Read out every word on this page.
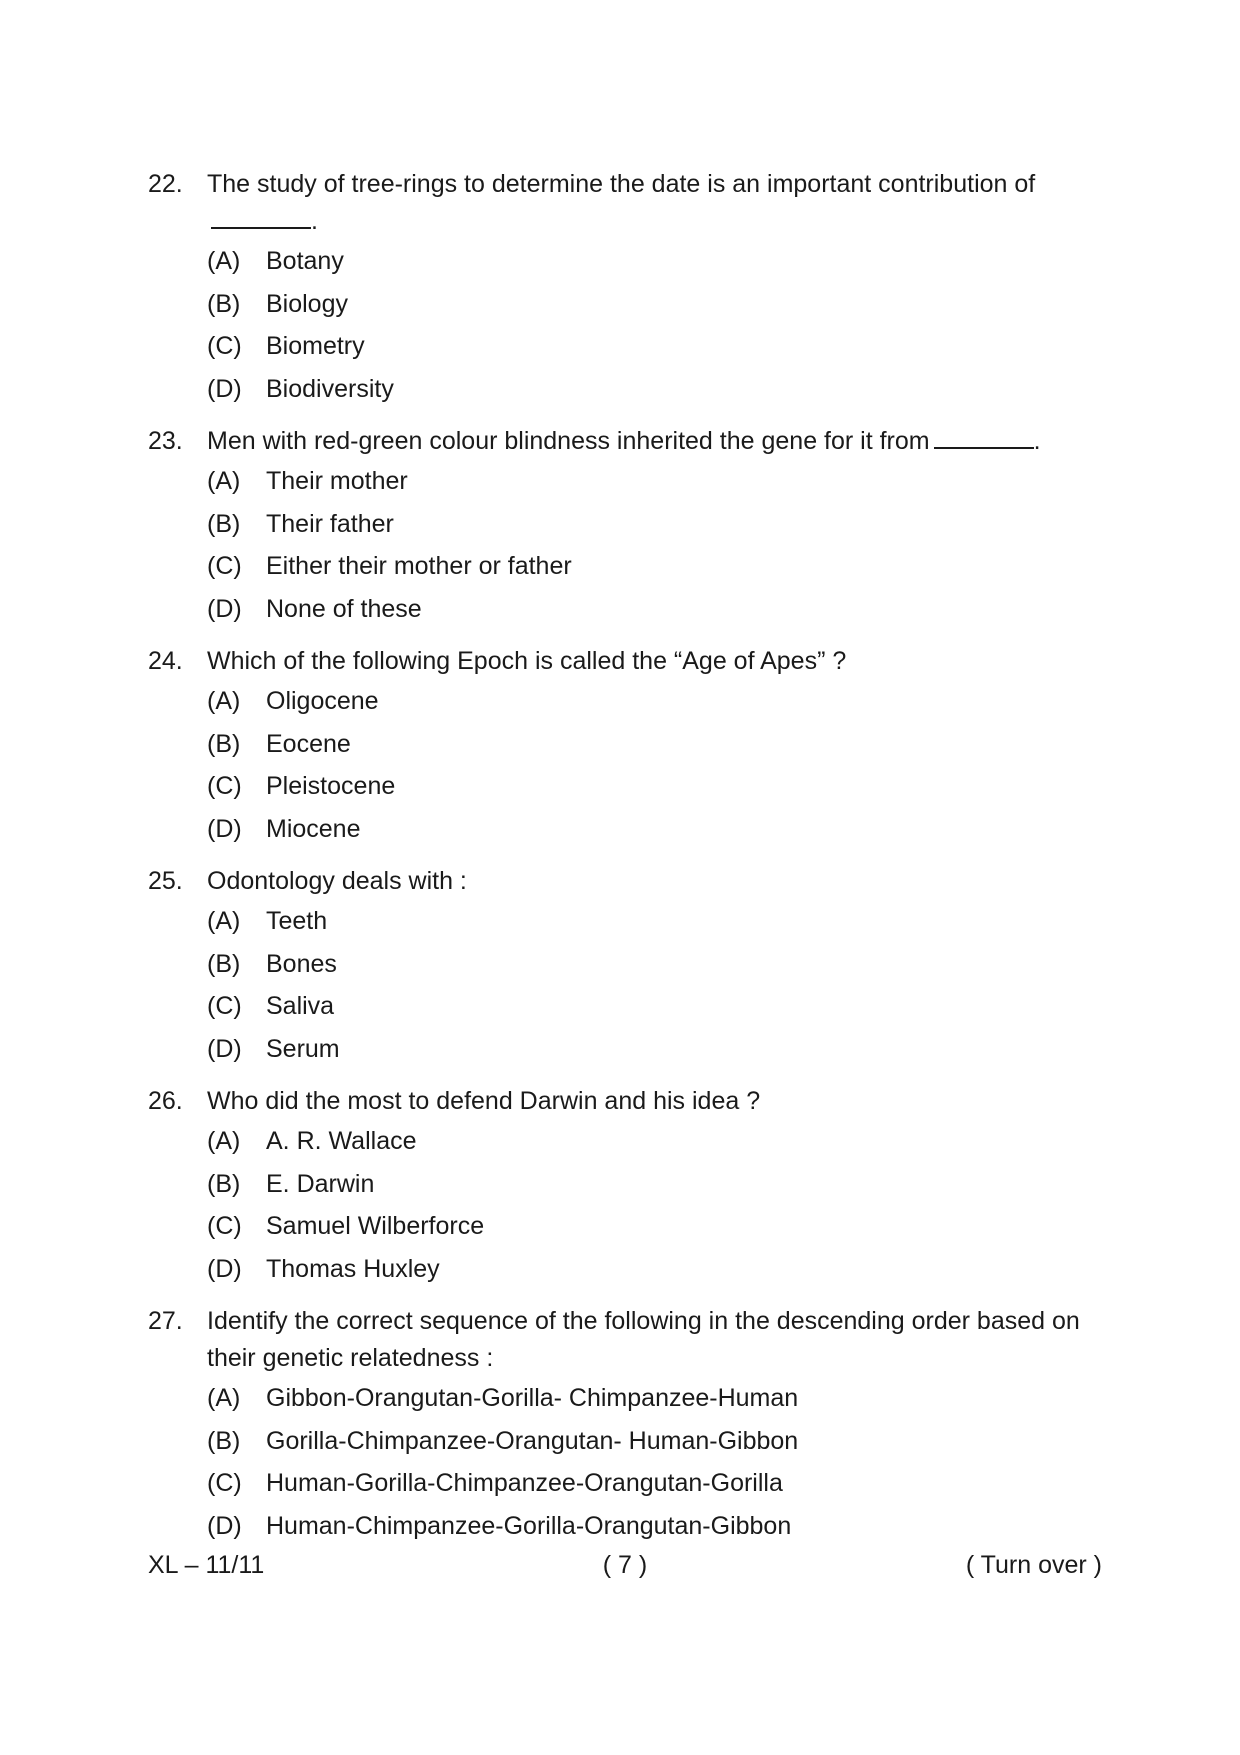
22. The study of tree-rings to determine the date is an important contribution of.
(A)	Botany
(B)	Biology
(C) Biometry
(D) Biodiversity
23. Men with red-green colour blindness inherited the gene for it from	.
(A)	Their mother
(B)	Their father
(C) Either their mother or father
(D) None of these
24. Which of the following Epoch is called the “Age of Apes” ?
(A)	Oligocene
(B)	Eocene
(C) Pleistocene
(D) Miocene
25. Odontology deals with :
(A)	Teeth
(B)	Bones
(C) Saliva
(D) Serum
26. Who did the most to defend Darwin and his idea ?
(A)	A. R. Wallace
(B)	E. Darwin
(C) Samuel Wilberforce
(D) Thomas Huxley
27. Identify the correct sequence of the following in the descending order based on their genetic relatedness :
(A)	Gibbon-Orangutan-Gorilla- Chimpanzee-Human
(B)	Gorilla-Chimpanzee-Orangutan- Human-Gibbon
(C) Human-Gorilla-Chimpanzee-Orangutan-Gorilla
(D) Human-Chimpanzee-Gorilla-Orangutan-Gibbon
XL – 11/11	( 7 )	( Turn over )
